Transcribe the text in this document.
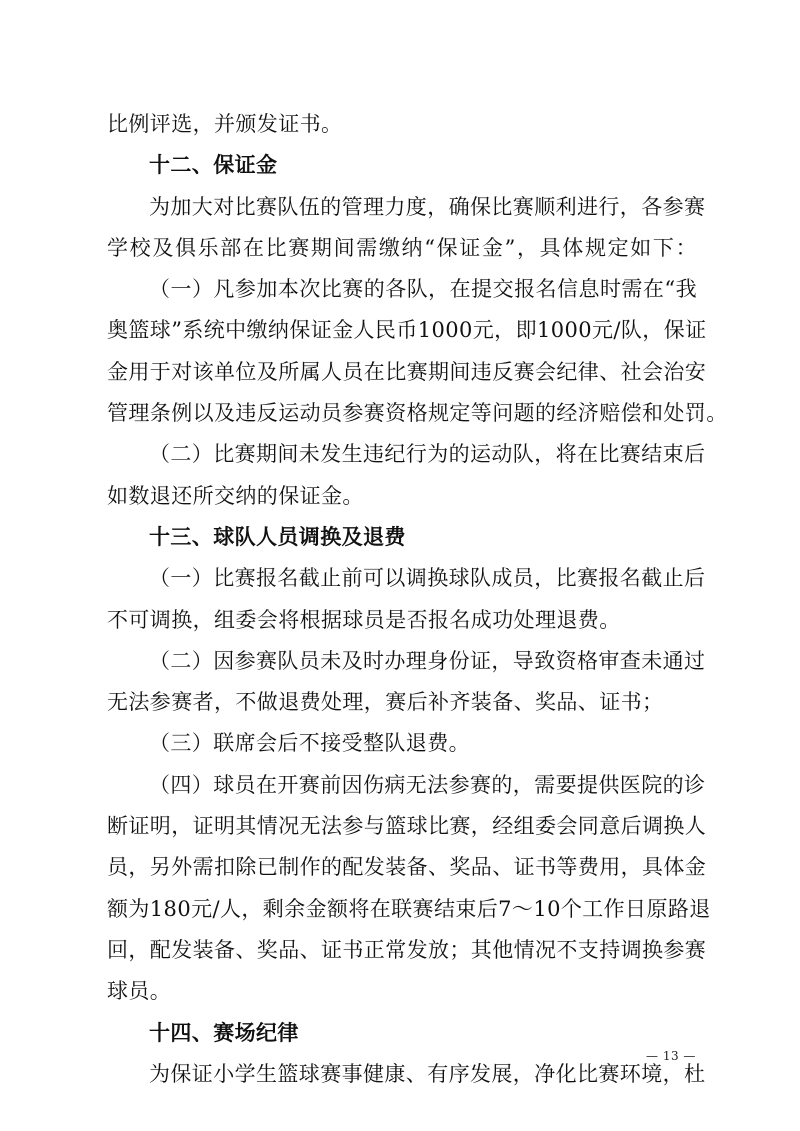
比例评选，并颁发证书。
十二、保证金
为加大对比赛队伍的管理力度，确保比赛顺利进行，各参赛
学校及俱乐部在比赛期间需缴纳“保证金”，具体规定如下：
（一）凡参加本次比赛的各队，在提交报名信息时需在“我
奥篮球”系统中缴纳保证金人民币1000元，即1000元/队，保证
金用于对该单位及所属人员在比赛期间违反赛会纪律、社会治安
管理条例以及违反运动员参赛资格规定等问题的经济赔偿和处罚。
（二）比赛期间未发生违纪行为的运动队，将在比赛结束后
如数退还所交纳的保证金。
十三、球队人员调换及退费
（一）比赛报名截止前可以调换球队成员，比赛报名截止后
不可调换，组委会将根据球员是否报名成功处理退费。
（二）因参赛队员未及时办理身份证，导致资格审查未通过
无法参赛者，不做退费处理，赛后补齐装备、奖品、证书；
（三）联席会后不接受整队退费。
（四）球员在开赛前因伤病无法参赛的，需要提供医院的诊
断证明，证明其情况无法参与篮球比赛，经组委会同意后调换人
员，另外需扣除已制作的配发装备、奖品、证书等费用，具体金
额为180元/人，剩余金额将在联赛结束后7～10个工作日原路退
回，配发装备、奖品、证书正常发放；其他情况不支持调换参赛
球员。
十四、赛场纪律
为保证小学生篮球赛事健康、有序发展，净化比赛环境，杜
— 13 —
